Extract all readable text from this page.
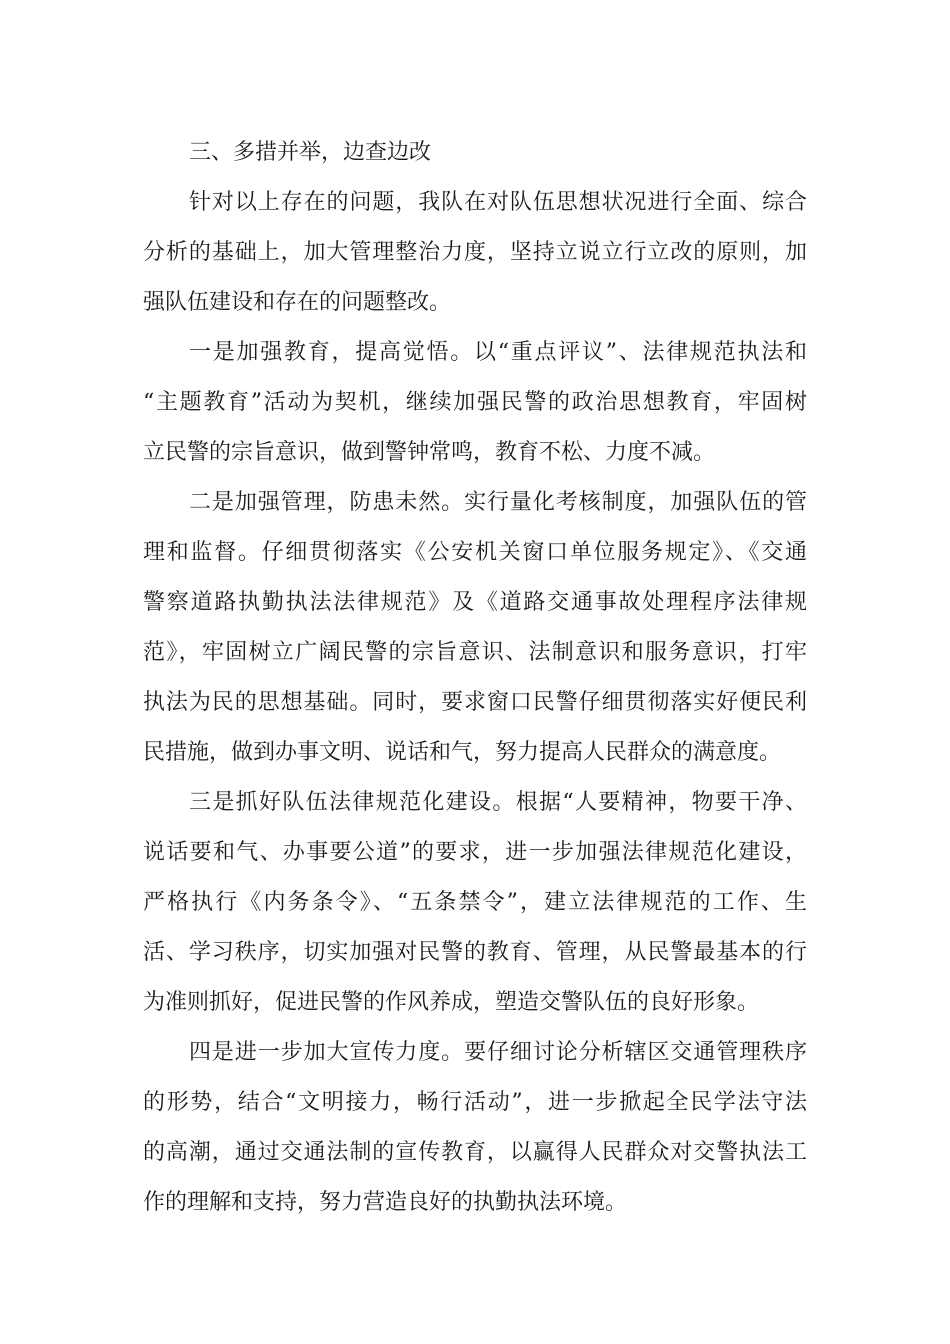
三、多措并举，边查边改
针对以上存在的问题，我队在对队伍思想状况进行全面、综合
分析的基础上，加大管理整治力度，坚持立说立行立改的原则，加
强队伍建设和存在的问题整改。
一是加强教育，提高觉悟。以“重点评议”、法律规范执法和
“主题教育”活动为契机，继续加强民警的政治思想教育，牢固树
立民警的宗旨意识，做到警钟常鸣，教育不松、力度不减。
二是加强管理，防患未然。实行量化考核制度，加强队伍的管
理和监督。仔细贯彻落实《公安机关窗口单位服务规定》、《交通
警察道路执勤执法法律规范》及《道路交通事故处理程序法律规
范》，牢固树立广阔民警的宗旨意识、法制意识和服务意识，打牢
执法为民的思想基础。同时，要求窗口民警仔细贯彻落实好便民利
民措施，做到办事文明、说话和气，努力提高人民群众的满意度。
三是抓好队伍法律规范化建设。根据“人要精神，物要干净、
说话要和气、办事要公道”的要求，进一步加强法律规范化建设，
严格执行《内务条令》、“五条禁令”，建立法律规范的工作、生
活、学习秩序，切实加强对民警的教育、管理，从民警最基本的行
为准则抓好，促进民警的作风养成，塑造交警队伍的良好形象。
四是进一步加大宣传力度。要仔细讨论分析辖区交通管理秩序
的形势，结合“文明接力，畅行活动”，进一步掀起全民学法守法
的高潮，通过交通法制的宣传教育，以赢得人民群众对交警执法工
作的理解和支持，努力营造良好的执勤执法环境。
